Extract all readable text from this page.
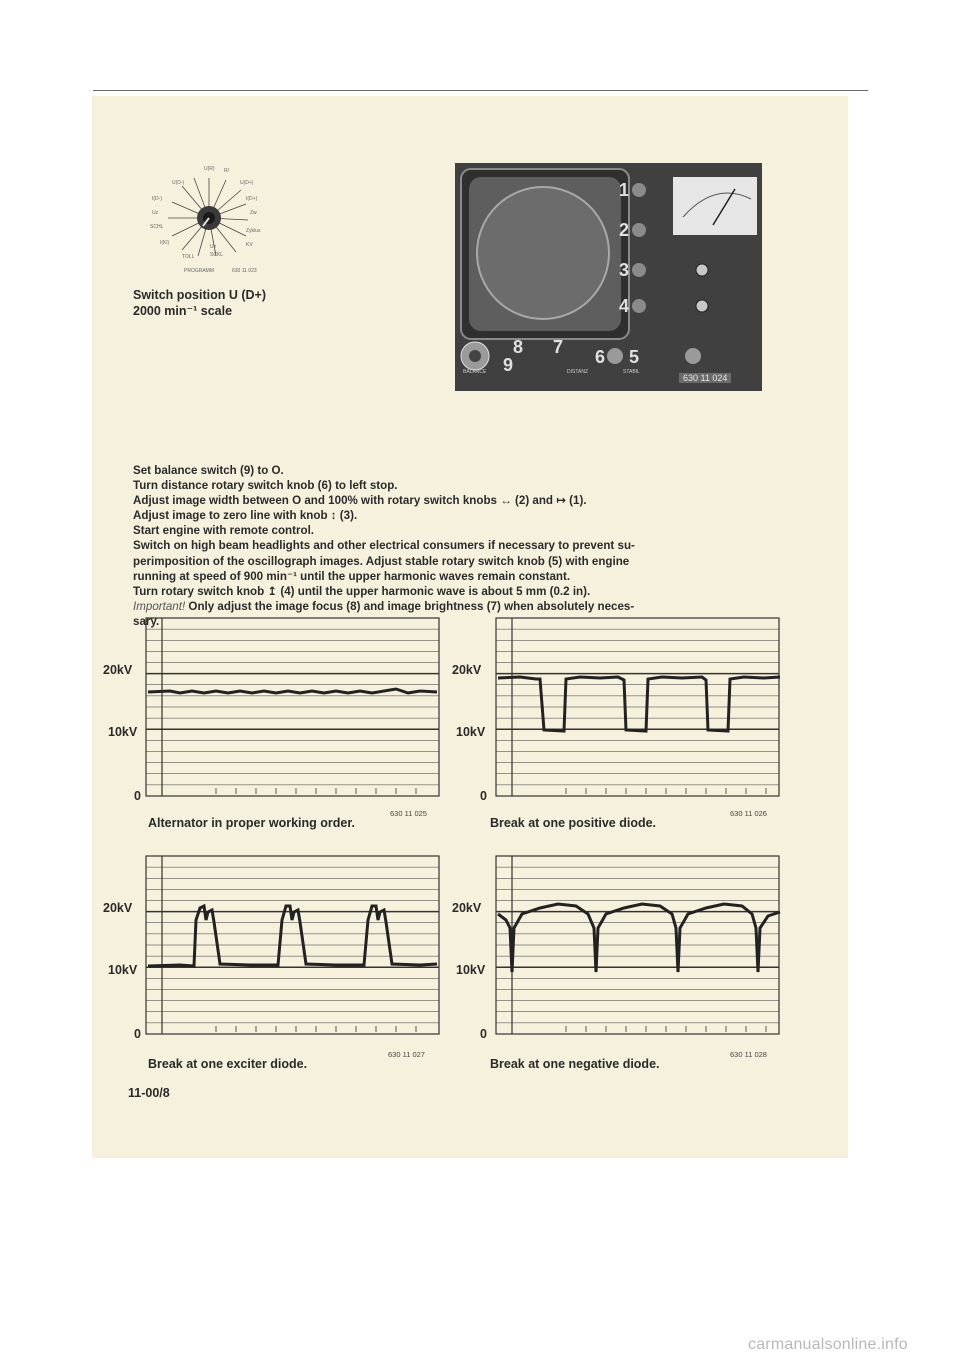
U(R) R/
U(D-)	U(D+)
I(D+)
Zw
I(D-)
Uz
SCHL
Zyklus
I(Kl)
Uz
TOLL	SCKL
KV
PROGRAMM	630 11 023
Switch position U (D+)
2000 min⁻¹ scale
1
2
3
4
5
6
7
8
9
BALANCE	DISTANZ	STABIL
630 11 024

Set balance switch (9) to O.

Turn distance rotary switch knob (6) to left stop.

Adjust image width between O and 100% with rotary switch knobs ↔ (2) and ↦ (1).

Adjust image to zero line with knob ↕ (3).

Start engine with remote control.

Switch on high beam headlights and other electrical consumers if necessary to prevent su-

perimposition of the oscillograph images. Adjust stable rotary switch knob (5) with engine

running at speed of 900 min⁻¹ until the upper harmonic waves remain constant.

Turn rotary switch knob ↥ (4) until the upper harmonic wave is about 5 mm (0.2 in).

Important! Only adjust the image focus (8) and image brightness (7) when absolutely neces-

sary.

20kV
10kV
0
630 11 025
Alternator in proper working order.
20kV
10kV
0
630 11 026
Break at one positive diode.
20kV
10kV
0
630 11 027
Break at one exciter diode.
20kV
10kV
0
630 11 028
Break at one negative diode.
11-00/8
carmanualsonline.info
